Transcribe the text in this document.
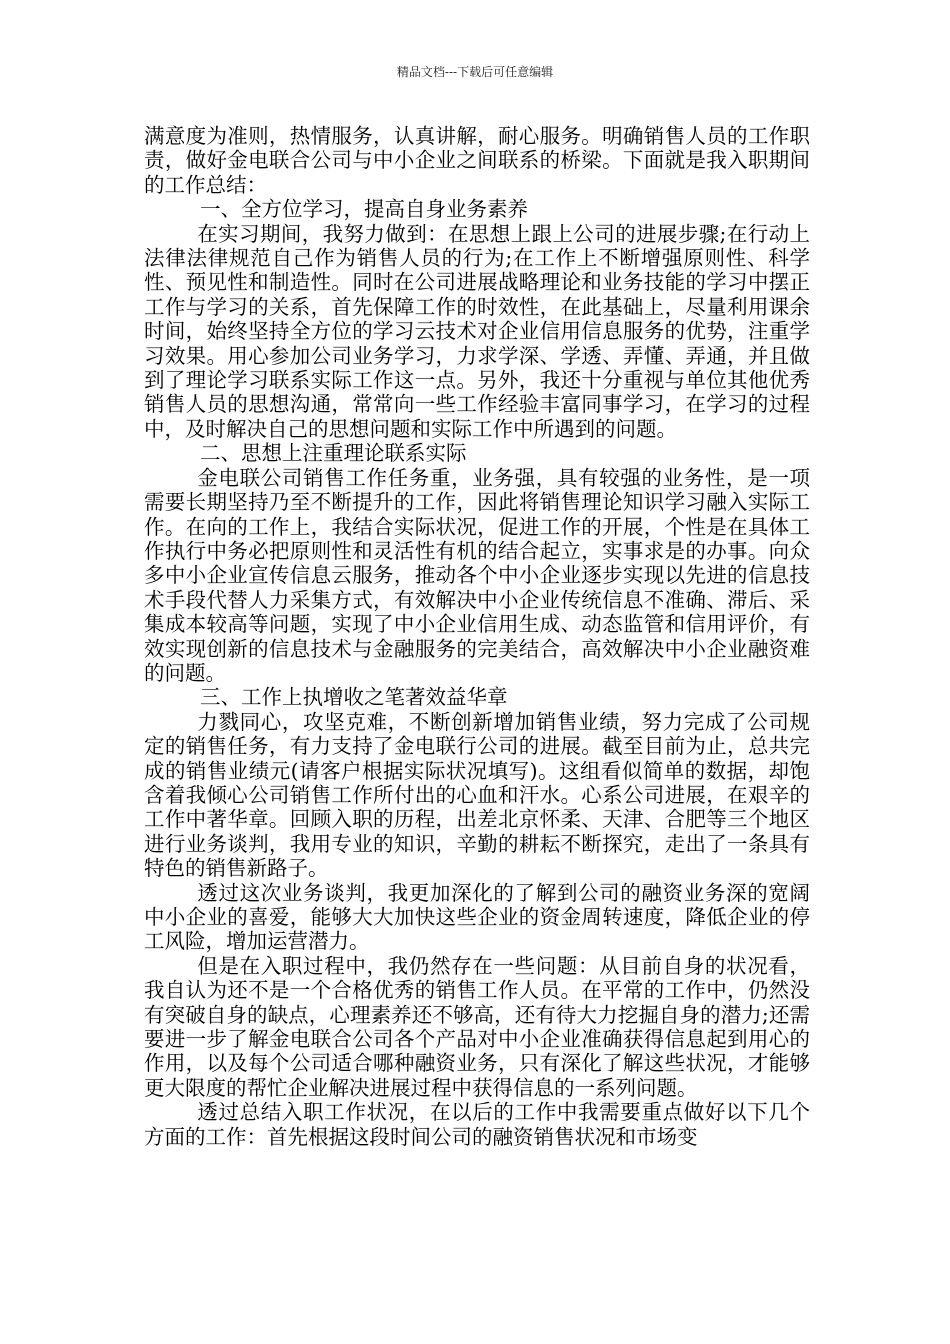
精品文档---下载后可任意编辑

满意度为准则，热情服务，认真讲解，耐心服务。明确销售人员的工作职责，做好金电联合公司与中小企业之间联系的桥梁。下面就是我入职期间的工作总结：

一、全方位学习，提高自身业务素养

在实习期间，我努力做到：在思想上跟上公司的进展步骤;在行动上法律法律规范自己作为销售人员的行为;在工作上不断增强原则性、科学性、预见性和制造性。同时在公司进展战略理论和业务技能的学习中摆正工作与学习的关系，首先保障工作的时效性，在此基础上，尽量利用课余时间，始终坚持全方位的学习云技术对企业信用信息服务的优势，注重学习效果。用心参加公司业务学习，力求学深、学透、弄懂、弄通，并且做到了理论学习联系实际工作这一点。另外，我还十分重视与单位其他优秀销售人员的思想沟通，常常向一些工作经验丰富同事学习，在学习的过程中，及时解决自己的思想问题和实际工作中所遇到的问题。

二、思想上注重理论联系实际

金电联公司销售工作任务重，业务强，具有较强的业务性，是一项需要长期坚持乃至不断提升的工作，因此将销售理论知识学习融入实际工作。在向的工作上，我结合实际状况，促进工作的开展，个性是在具体工作执行中务必把原则性和灵活性有机的结合起立，实事求是的办事。向众多中小企业宣传信息云服务，推动各个中小企业逐步实现以先进的信息技术手段代替人力采集方式，有效解决中小企业传统信息不准确、滞后、采集成本较高等问题，实现了中小企业信用生成、动态监管和信用评价，有效实现创新的信息技术与金融服务的完美结合，高效解决中小企业融资难的问题。

三、工作上执增收之笔著效益华章

力戮同心，攻坚克难，不断创新增加销售业绩，努力完成了公司规定的销售任务，有力支持了金电联行公司的进展。截至目前为止，总共完成的销售业绩元(请客户根据实际状况填写)。这组看似简单的数据，却饱含着我倾心公司销售工作所付出的心血和汗水。心系公司进展，在艰辛的工作中著华章。回顾入职的历程，出差北京怀柔、天津、合肥等三个地区进行业务谈判，我用专业的知识，辛勤的耕耘不断探究，走出了一条具有特色的销售新路子。

透过这次业务谈判，我更加深化的了解到公司的融资业务深的宽阔中小企业的喜爱，能够大大加快这些企业的资金周转速度，降低企业的停工风险，增加运营潜力。

但是在入职过程中，我仍然存在一些问题：从目前自身的状况看，我自认为还不是一个合格优秀的销售工作人员。在平常的工作中，仍然没有突破自身的缺点，心理素养还不够高，还有待大力挖掘自身的潜力;还需要进一步了解金电联合公司各个产品对中小企业准确获得信息起到用心的作用，以及每个公司适合哪种融资业务，只有深化了解这些状况，才能够更大限度的帮忙企业解决进展过程中获得信息的一系列问题。

透过总结入职工作状况，在以后的工作中我需要重点做好以下几个方面的工作：首先根据这段时间公司的融资销售状况和市场变
